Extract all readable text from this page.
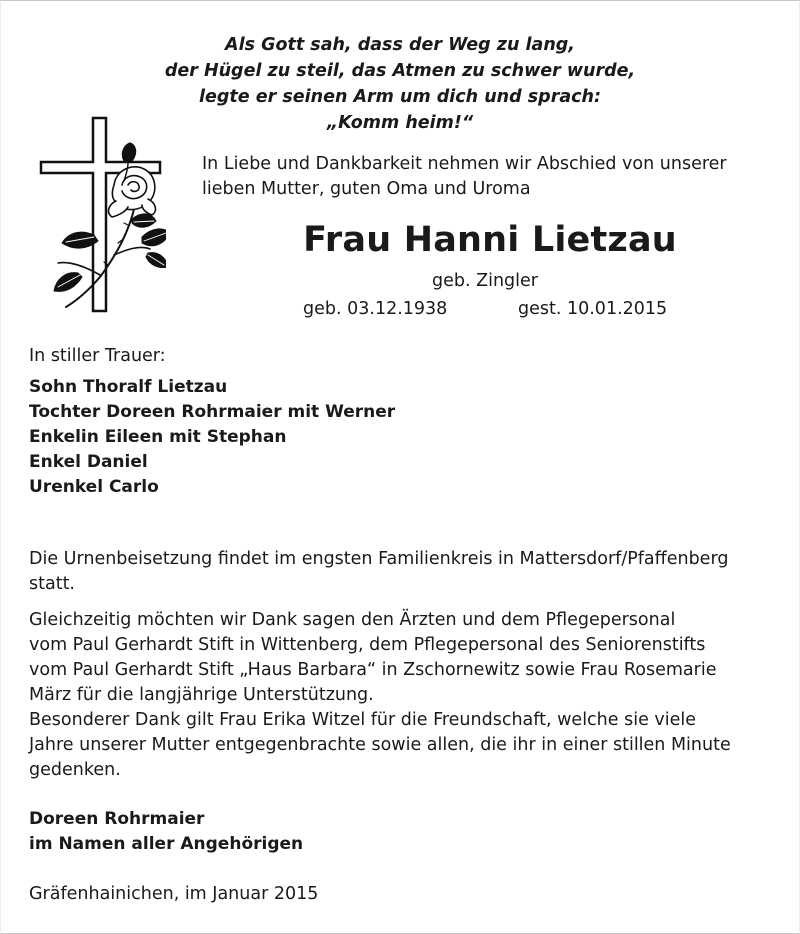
Als Gott sah, dass der Weg zu lang,
der Hügel zu steil, das Atmen zu schwer wurde,
legte er seinen Arm um dich und sprach:
„Komm heim!“
In Liebe und Dankbarkeit nehmen wir Abschied von unserer
lieben Mutter, guten Oma und Uroma
Frau Hanni Lietzau
geb. Zingler
geb. 03.12.1938	gest. 10.01.2015
In stiller Trauer:
Sohn Thoralf Lietzau
Tochter Doreen Rohrmaier mit Werner
Enkelin Eileen mit Stephan
Enkel Daniel
Urenkel Carlo
Die Urnenbeisetzung findet im engsten Familienkreis in Mattersdorf/Pfaffenberg
statt.
Gleichzeitig möchten wir Dank sagen den Ärzten und dem Pflegepersonal
vom Paul Gerhardt Stift in Wittenberg, dem Pflegepersonal des Seniorenstifts
vom Paul Gerhardt Stift „Haus Barbara“ in Zschornewitz sowie Frau Rosemarie
März für die langjährige Unterstützung.
Besonderer Dank gilt Frau Erika Witzel für die Freundschaft, welche sie viele
Jahre unserer Mutter entgegenbrachte sowie allen, die ihr in einer stillen Minute
gedenken.
Doreen Rohrmaier
im Namen aller Angehörigen
Gräfenhainichen, im Januar 2015
